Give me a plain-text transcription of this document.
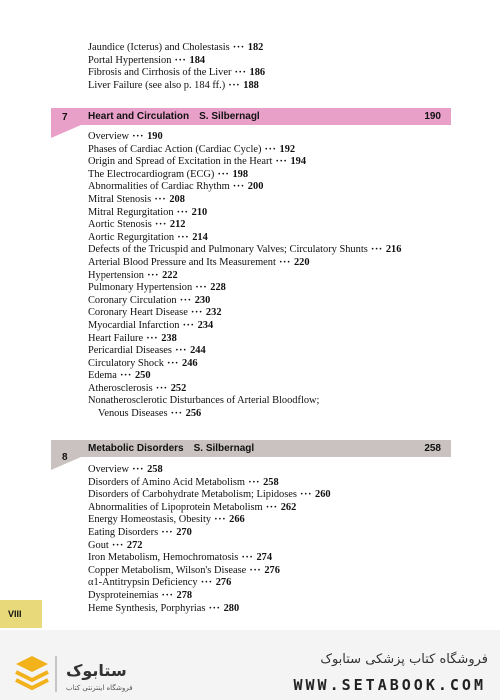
Jaundice (Icterus) and Cholestasis ··· 182
Portal Hypertension ··· 184
Fibrosis and Cirrhosis of the Liver ··· 186
Liver Failure (see also p. 184 ff.) ··· 188
7 Heart and Circulation S. Silbernagl	190
Overview ··· 190
Phases of Cardiac Action (Cardiac Cycle) ··· 192
Origin and Spread of Excitation in the Heart ··· 194
The Electrocardiogram (ECG) ··· 198
Abnormalities of Cardiac Rhythm ··· 200
Mitral Stenosis ··· 208
Mitral Regurgitation ··· 210
Aortic Stenosis ··· 212
Aortic Regurgitation ··· 214
Defects of the Tricuspid and Pulmonary Valves; Circulatory Shunts ··· 216
Arterial Blood Pressure and Its Measurement ··· 220
Hypertension ··· 222
Pulmonary Hypertension ··· 228
Coronary Circulation ··· 230
Coronary Heart Disease ··· 232
Myocardial Infarction ··· 234
Heart Failure ··· 238
Pericardial Diseases ··· 244
Circulatory Shock ··· 246
Edema ··· 250
Atherosclerosis ··· 252
Nonatherosclerotic Disturbances of Arterial Bloodflow;
Venous Diseases ··· 256
8
Metabolic Disorders S. Silbernagl	258
Overview ··· 258
Disorders of Amino Acid Metabolism ··· 258
Disorders of Carbohydrate Metabolism; Lipidoses ··· 260
Abnormalities of Lipoprotein Metabolism ··· 262
Energy Homeostasis, Obesity ··· 266
Eating Disorders ··· 270
Gout ··· 272
Iron Metabolism, Hemochromatosis ··· 274
Copper Metabolism, Wilson's Disease ··· 276
α1-Antitrypsin Deficiency ··· 276
Dysproteinemias ··· 278
Heme Synthesis, Porphyrias ··· 280
VIII
ستابوک
فروشگاه اینترنتی کتاب
فروشگاه کتاب پزشکی ستابوک
WWW.SETABOOK.COM
